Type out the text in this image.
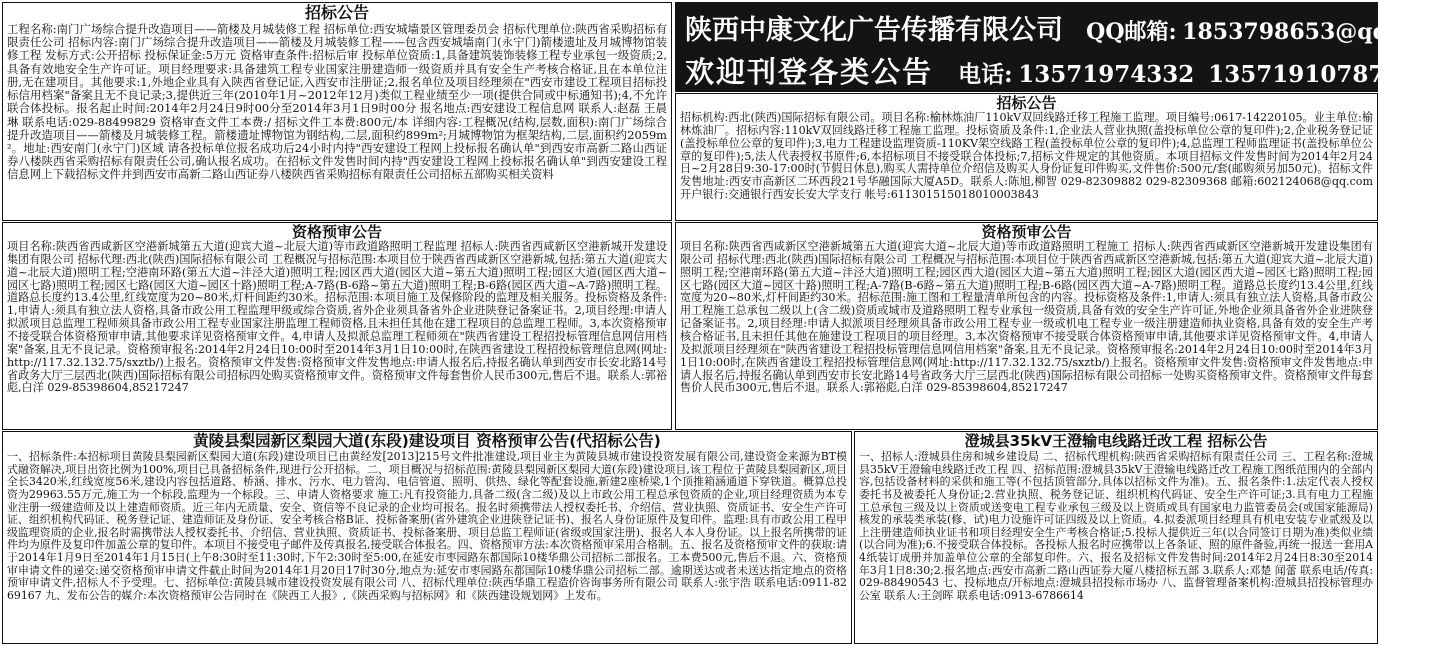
招标公告
工程名称:南门广场综合提升改造项目——箭楼及月城装修工程 招标单位:西安城墙景区管理委员会 招标代理单位:陕西省采购招标有限责任公司 招标内容:南门广场综合提升改造项目——箭楼及月城装修工程——包含西安城墙南门(永宁门)箭楼遗址及月城博物馆装修工程 发标方式:公开招标 投标保证金:5万元 资格审查条件:招标后审 投标单位资质:1,具备建筑装饰装修工程专业承包一级资质;2,具备有效地安全生产许可证。项目经理要求:具备建筑工程专业国家注册建造师一级资质并具有安全生产考核合格证,且在本单位注册,无在建项目。其他要求:1,外地企业具有入陕西省登记证,入西安市注册证;2,报名单位及项目经理须在"西安市建设工程项目招标投标信用档案"备案且无不良记录;3,提供近三年(2010年1月~2012年12月)类似工程业绩至少一项(提供合同或中标通知书);4,不允许联合体投标。报名起止时间:2014年2月24日9时00分至2014年3月1日9时00分 报名地点:西安建设工程信息网 联系人:赵磊 王晨琳 联系电话:029-88499829 资格审查文件工本费:/ 招标文件工本费:800元/本 详细内容:工程概况(结构,层数,面积):南门广场综合提升改造项目——箭楼及月城装修工程。箭楼遗址博物馆为钢结构,二层,面积约899m²;月城博物馆为框架结构,二层,面积约2059m²。地址:西安南门(永宁门)区域 请各投标单位报名成功后24小时内持"西安建设工程网上投标报名确认单"到西安市高新二路山西证券八楼陕西省采购招标有限责任公司,确认报名成功。在招标文件发售时间内持"西安建设工程网上投标报名确认单"到西安建设工程信息网上下载招标文件并到西安市高新二路山西证券八楼陕西省采购招标有限责任公司招标五部购买相关资料
陕西中康文化广告传播有限公司 QQ邮箱: 1853798653@qq.com
欢迎刊登各类公告 电话: 13571974332 13571910787
招标公告
招标机构:西北(陕西)国际招标有限公司。项目名称:榆林炼油厂110kV双回线路迁移工程施工监理。项目编号:0617-14220105。业主单位:榆林炼油厂。招标内容:110kV双回线路迁移工程施工监理。投标资质及条件:1,企业法人营业执照(盖投标单位公章的复印件);2,企业税务登记证(盖投标单位公章的复印件);3,电力工程建设监理资质-110KV架空线路工程(盖投标单位公章的复印件);4,总监理工程师监理证书(盖投标单位公章的复印件);5,法人代表授权书原件;6,本招标项目不接受联合体投标;7,招标文件规定的其他资质。本项目招标文件发售时间为2014年2月24日~2月28日9:30-17:00时(节假日休息),购买人需持单位介绍信及购买人身份证复印件购买,文件售价:500元/套(邮购须另加50元)。招标文件发售地址:西安市高新区二环西段21号华融国际大厦A5D。联系人:陈旭,柳智 029-82309882 029-82309368 邮箱:602124068@qq.com 开户银行:交通银行西安长安大学支行 帐号:611301515018010003843
资格预审公告
项目名称:陕西省西咸新区空港新城第五大道(迎宾大道~北辰大道)等市政道路照明工程监理 招标人:陕西省西咸新区空港新城开发建设集团有限公司 招标代理:西北(陕西)国际招标有限公司 工程概况与招标范围:本项目位于陕西省西咸新区空港新城,包括:第五大道(迎宾大道~北辰大道)照明工程;空港南环路(第五大道~沣泾大道)照明工程;园区西大道(园区大道~第五大道)照明工程;园区大道(园区西大道~园区七路)照明工程;园区七路(园区大道~园区十路)照明工程;A-7路(B-6路~第五大道)照明工程;B-6路(园区西大道~A-7路)照明工程。道路总长度约13.4公里,红线宽度为20~80米,灯杆间距约30米。招标范围:本项目施工及保修阶段的监理及相关服务。投标资格及条件:1,申请人:须具有独立法人资格,具备市政公用工程监理甲级或综合资质,省外企业须具备省外企业进陕登记备案证书。2,项目经理:申请人拟派项目总监理工程师须具备市政公用工程专业国家注册监理工程师资格,且未担任其他在建工程项目的总监理工程师。3,本次资格预审不接受联合体资格预审申请,其他要求详见资格预审文件。4,申请人及拟派总监理工程师须在"陕西省建设工程招投标管理信息网信用档案"备案,且无不良记录。资格预审报名:2014年2月24日10:00时至2014年3月1日10:00时,在陕西省建设工程招投标管理信息网(网址:http://117.32.132.75/sxztb/)上报名。资格预审文件发售:资格预审文件发售地点:申请人报名后,持报名确认单到西安市长安北路14号省政务大厅三层西北(陕西)国际招标有限公司招标四处购买资格预审文件。资格预审文件每套售价人民币300元,售后不退。联系人:郭裕彪,白洋 029-85398604,85217247
资格预审公告
项目名称:陕西省西咸新区空港新城第五大道(迎宾大道~北辰大道)等市政道路照明工程施工 招标人:陕西省西咸新区空港新城开发建设集团有限公司 招标代理:西北(陕西)国际招标有限公司 工程概况与招标范围:本项目位于陕西省西咸新区空港新城,包括:第五大道(迎宾大道~北辰大道)照明工程;空港南环路(第五大道~沣泾大道)照明工程;园区西大道(园区大道~第五大道)照明工程;园区大道(园区西大道~园区七路)照明工程;园区七路(园区大道~园区十路)照明工程;A-7路(B-6路~第五大道)照明工程;B-6路(园区西大道~A-7路)照明工程。道路总长度约13.4公里,红线宽度为20~80米,灯杆间距约30米。招标范围:施工图和工程量清单所包含的内容。投标资格及条件:1,申请人:须具有独立法人资格,具备市政公用工程施工总承包二级以上(含二级)资质或城市及道路照明工程专业承包一级资质,具备有效的安全生产许可证,外地企业须具备省外企业进陕登记备案证书。2,项目经理:申请人拟派项目经理须具备市政公用工程专业一级或机电工程专业一级注册建造师执业资格,具备有效的安全生产考核合格证书,且未担任其他在施建设工程项目的项目经理。3,本次资格预审不接受联合体资格预审申请,其他要求详见资格预审文件。4,申请人及拟派项目经理须在"陕西省建设工程招投标管理信息网信用档案"备案,且无不良记录。资格预审报名:2014年2月24日10:00时至2014年3月1日10:00时,在陕西省建设工程招投标管理信息网(网址:http://117.32.132.75/sxztb/)上报名。资格预审文件发售:资格预审文件发售地点:申请人报名后,持报名确认单到西安市长安北路14号省政务大厅三层西北(陕西)国际招标有限公司招标一处购买资格预审文件。资格预审文件每套售价人民币300元,售后不退。联系人:郭裕彪,白洋 029-85398604,85217247
黄陵县梨园新区梨园大道(东段)建设项目 资格预审公告(代招标公告)
一、招标条件:本招标项目黄陵县梨园新区梨园大道(东段)建设项目已由黄经发[2013]215号文件批准建设,项目业主为黄陵县城市建设投资发展有限公司,建设资金来源为BT模式融资解决,项目出资比例为100%,项目已具备招标条件,现进行公开招标。二、项目概况与招标范围:黄陵县梨园新区梨园大道(东段)建设项目,该工程位于黄陵县梨园新区,项目全长3420米,红线宽度56米,建设内容包括道路、桥涵、排水、污水、电力管沟、电信管道、照明、供热、绿化等配套设施,新建2座桥梁,1个顶推箱涵通道下穿铁道。概算总投资为29963.55万元,施工为一个标段,监理为一个标段。三、申请人资格要求 施工:凡有投资能力,具备二级(含二级)及以上市政公用工程总承包资质的企业,项目经理资质为本专业注册一级建造师及以上建造师资质。近三年内无质量、安全、资信等不良记录的企业均可报名。报名时须携带法人授权委托书、介绍信、营业执照、资质证书、安全生产许可证、组织机构代码证、税务登记证、建造师证及身份证、安全考核合格B证、投标备案册(省外建筑企业进陕登记证书)、报名人身份证原件及复印件。监理:具有市政公用工程甲级监理资质的企业,报名时需携带法人授权委托书、介绍信、营业执照、资质证书、投标备案册、项目总监工程师证(省级或国家注册)、报名人本人身份证。以上报名所携带的证件均为原件及复印件加盖公章的复印件。本项目不接受电子邮件及传真报名,接受联合体报名。四、资格预审方法:本次资格预审采用合格制。五、报名及资格预审文件的获取:请于2014年1月9日至2014年1月15日(上午8:30时至11:30时,下午2:30时至5:00,在延安市枣园路东都国际10楼华鼎公司招标二部报名。工本费500元,售后不退。六、资格预审申请文件的递交:递交资格预审申请文件截止时间为2014年1月20日17时30分,地点为:延安市枣园路东都国际10楼华鼎公司招标二部。逾期送达或者未送达指定地点的资格预审申请文件,招标人不予受理。七、招标单位:黄陵县城市建设投资发展有限公司 八、招标代理单位:陕西华鼎工程造价咨询事务所有限公司 联系人:张宇浩 联系电话:0911-8269167 九、发布公告的媒介:本次资格预审公告同时在《陕西工人报》,《陕西采购与招标网》和《陕西建设规划网》上发布。
澄城县35kV王澄输电线路迁改工程 招标公告
一、招标人:澄城县住房和城乡建设局 二、招标代理机构:陕西省采购招标有限责任公司 三、工程名称:澄城县35kV王澄输电线路迁改工程 四、招标范围:澄城县35kV王澄输电线路迁改工程施工图纸范围内的全部内容,包括设备材料的采供和施工等(不包括顶管部分,具体以招标文件为准)。五、报名条件:1.法定代表人授权委托书及被委托人身份证;2.营业执照、税务登记证、组织机构代码证、安全生产许可证;3.具有电力工程施工总承包三级及以上资质或送变电工程专业承包三级及以上资质或具有国家电力监管委员会(或国家能源局)核发的承装类承装(修、试)电力设施许可证四级及以上资质。4.拟委派项目经理具有机电安装专业贰级及以上注册建造师执业证书和项目经理安全生产考核合格证;5.投标人提供近三年(以合同签订日期为准)类似业绩(以合同为准);6.不接受联合体投标。各投标人报名时应携带以上各条证、照的原件备验,再统一报送一套用A4纸装订成册并加盖单位公章的全部复印件。六、报名及招标文件发售时间:2014年2月24日8:30至2014年3月1日8:30;2.报名地点:西安市高新二路山西证券大厦八楼招标五部 3.联系人:邓楚 闻蕾 联系电话/传真:029-88490543 七、投标地点/开标地点:澄城县招投标市场办 八、监督管理备案机构:澄城县招投标管理办公室 联系人:王剑晖 联系电话:0913-6786614
